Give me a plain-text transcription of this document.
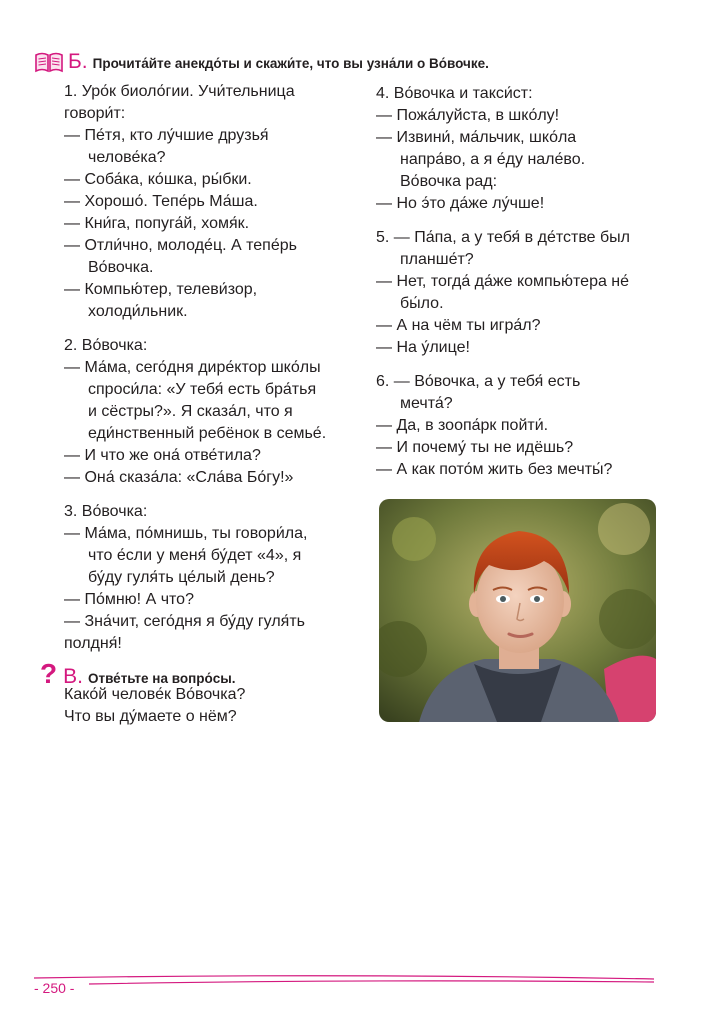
Б. Прочита́йте анекдо́ты и скажи́те, что вы узна́ли о Во́вочке.

1. Уро́к биоло́гии. Учи́тельница

говори́т:

— Пе́тя, кто лу́чшие друзья́

челове́ка?

— Соба́ка, ко́шка, ры́бки.

— Хорошо́. Тепе́рь Ма́ша.

— Кни́га, попуга́й, хомя́к.

— Отли́чно, молоде́ц. А тепе́рь

Во́вочка.

— Компью́тер, телеви́зор,

холоди́льник.

2. Во́вочка:

— Ма́ма, сего́дня дире́ктор шко́лы

спроси́ла: «У тебя́ есть бра́тья

и сёстры?». Я сказа́л, что я

еди́нственный ребёнок в семье́.

— И что же она́ отве́тила?

— Она́ сказа́ла: «Сла́ва Бо́гу!»

3. Во́вочка:

— Ма́ма, по́мнишь, ты говори́ла,

что е́сли у меня́ бу́дет «4», я

бу́ду гуля́ть це́лый день?

— По́мню! А что?

— Зна́чит, сего́дня я бу́ду гуля́ть

полдня́!

? В. Отве́тьте на вопро́сы.

Како́й челове́к Во́вочка?

Что вы ду́маете о нём?

4. Во́вочка и такси́ст:

— Пожа́луйста, в шко́лу!

— Извини́, ма́льчик, шко́ла

напра́во, а я е́ду нале́во.

Во́вочка рад:

— Но э́то да́же лу́чше!

5. — Па́па, а у тебя́ в де́тстве был

планше́т?

— Нет, тогда́ да́же компью́тера не́

бы́ло.

— А на чём ты игра́л?

— На у́лице!

6. — Во́вочка, а у тебя́ есть

мечта́?

— Да, в зоопа́рк пойти́.

— И почему́ ты не идёшь?

— А как пото́м жить без мечты́?

- 250 -
